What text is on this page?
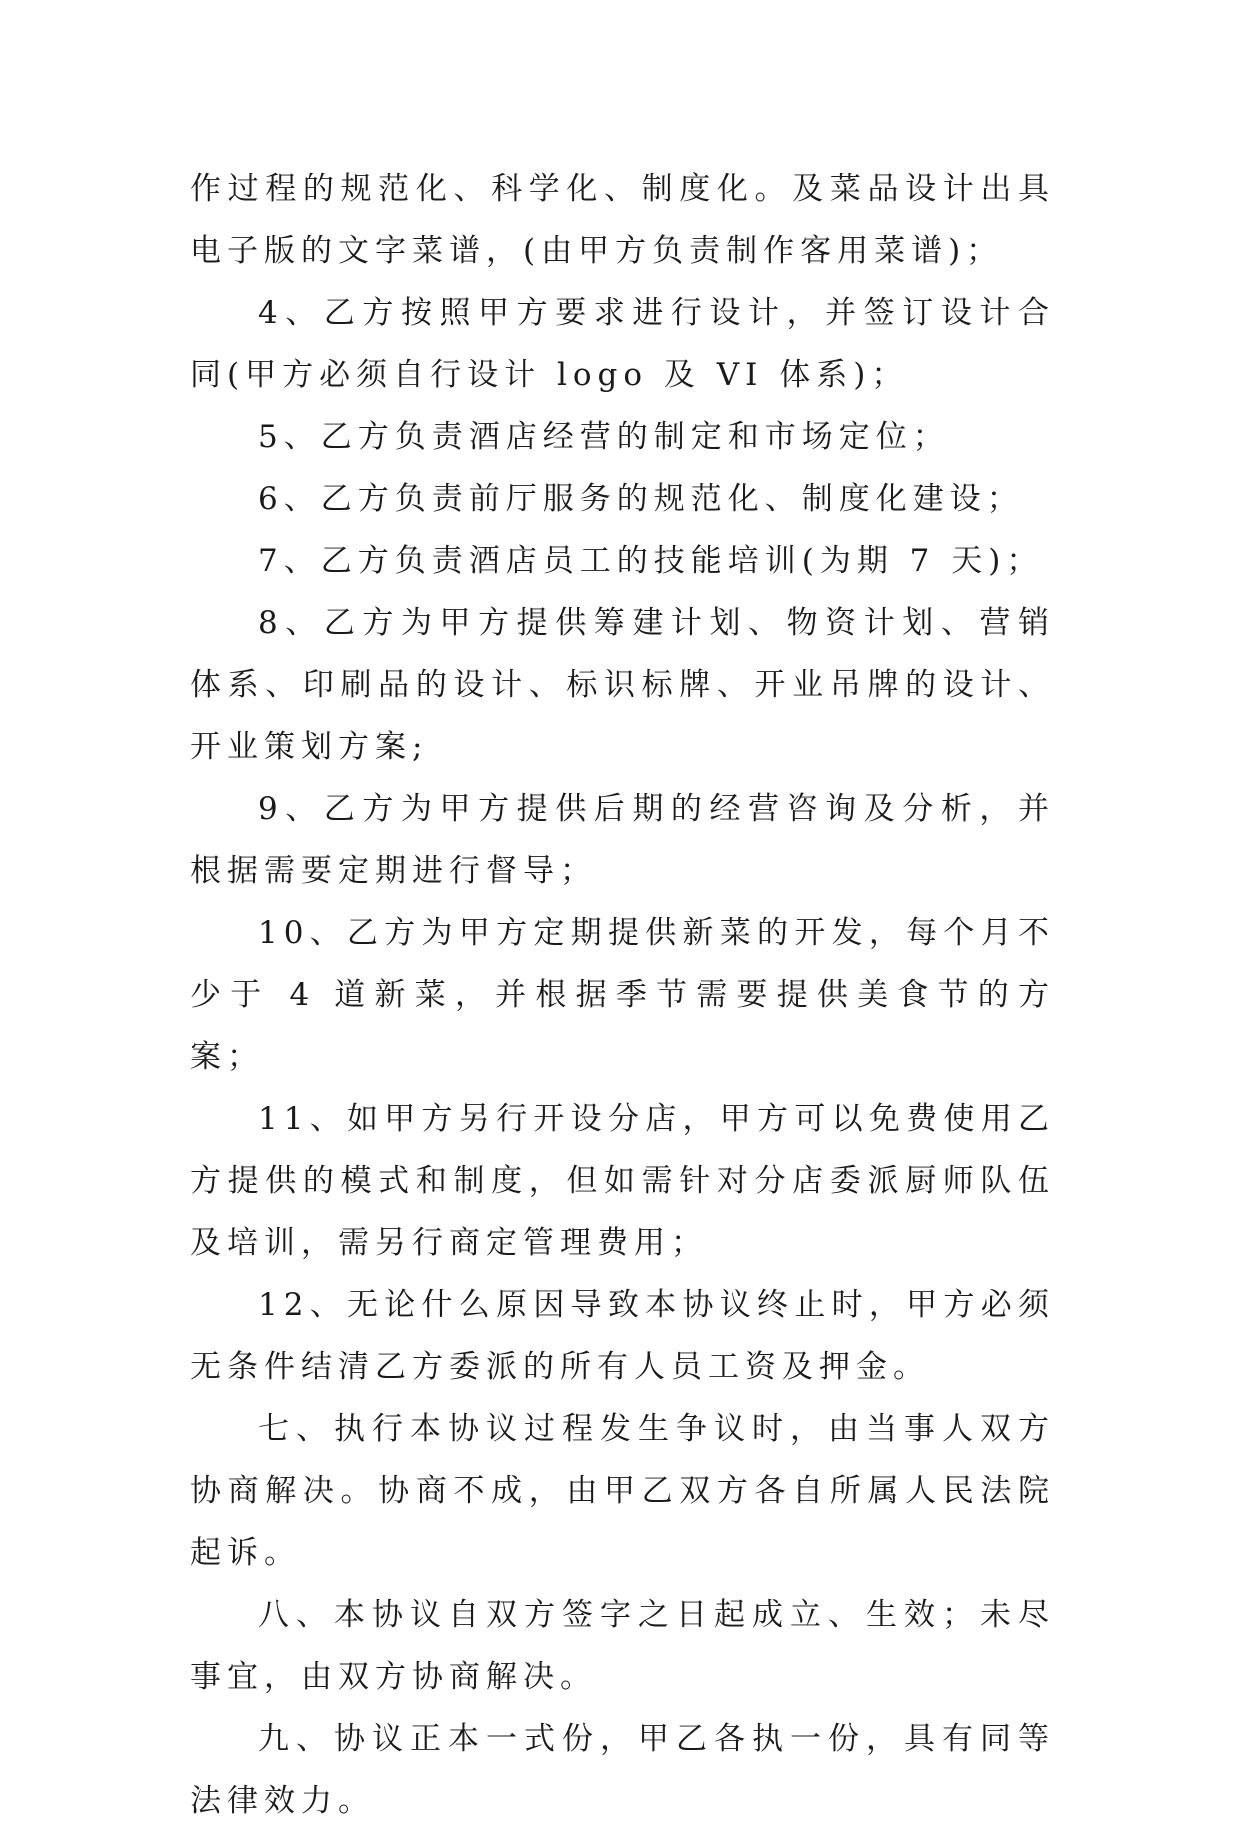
作过程的规范化、科学化、制度化。及菜品设计出具电子版的文字菜谱，(由甲方负责制作客用菜谱)；

4、乙方按照甲方要求进行设计，并签订设计合同(甲方必须自行设计 logo 及 VI 体系)；

5、乙方负责酒店经营的制定和市场定位；

6、乙方负责前厅服务的规范化、制度化建设；

7、乙方负责酒店员工的技能培训(为期 7 天)；

8、乙方为甲方提供筹建计划、物资计划、营销体系、印刷品的设计、标识标牌、开业吊牌的设计、开业策划方案;

9、乙方为甲方提供后期的经营咨询及分析，并根据需要定期进行督导；

10、乙方为甲方定期提供新菜的开发，每个月不少于 4 道新菜，并根据季节需要提供美食节的方案；

11、如甲方另行开设分店，甲方可以免费使用乙方提供的模式和制度，但如需针对分店委派厨师队伍及培训，需另行商定管理费用；

12、无论什么原因导致本协议终止时，甲方必须无条件结清乙方委派的所有人员工资及押金。

七、执行本协议过程发生争议时，由当事人双方协商解决。协商不成，由甲乙双方各自所属人民法院起诉。

八、本协议自双方签字之日起成立、生效；未尽事宜，由双方协商解决。

九、协议正本一式份，甲乙各执一份，具有同等法律效力。
